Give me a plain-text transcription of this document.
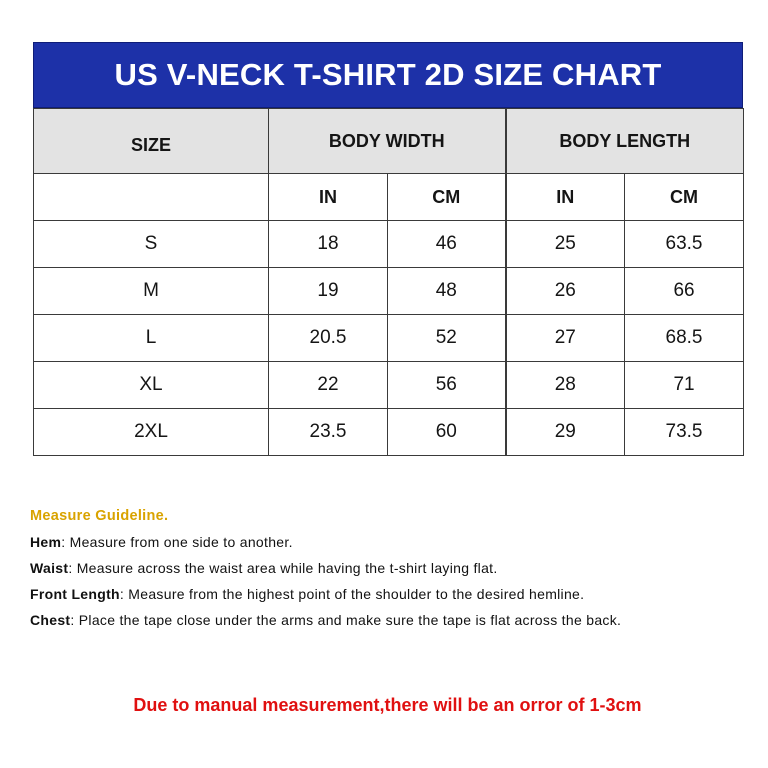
US V-NECK T-SHIRT 2D SIZE CHART
SIZE	BODY WIDTH		BODY LENGTH	
	IN	CM	IN	CM
S	18	46	25	63.5
M	19	48	26	66
L	20.5	52	27	68.5
XL	22	56	28	71
2XL	23.5	60	29	73.5
Measure Guideline.
Hem: Measure from one side to another.
Waist: Measure across the waist area while having the t-shirt laying flat.
Front Length: Measure from the highest point of the shoulder to the desired hemline.
Chest: Place the tape close under the arms and make sure the tape is flat across the back.
Due to manual measurement,there will be an orror of 1-3cm
